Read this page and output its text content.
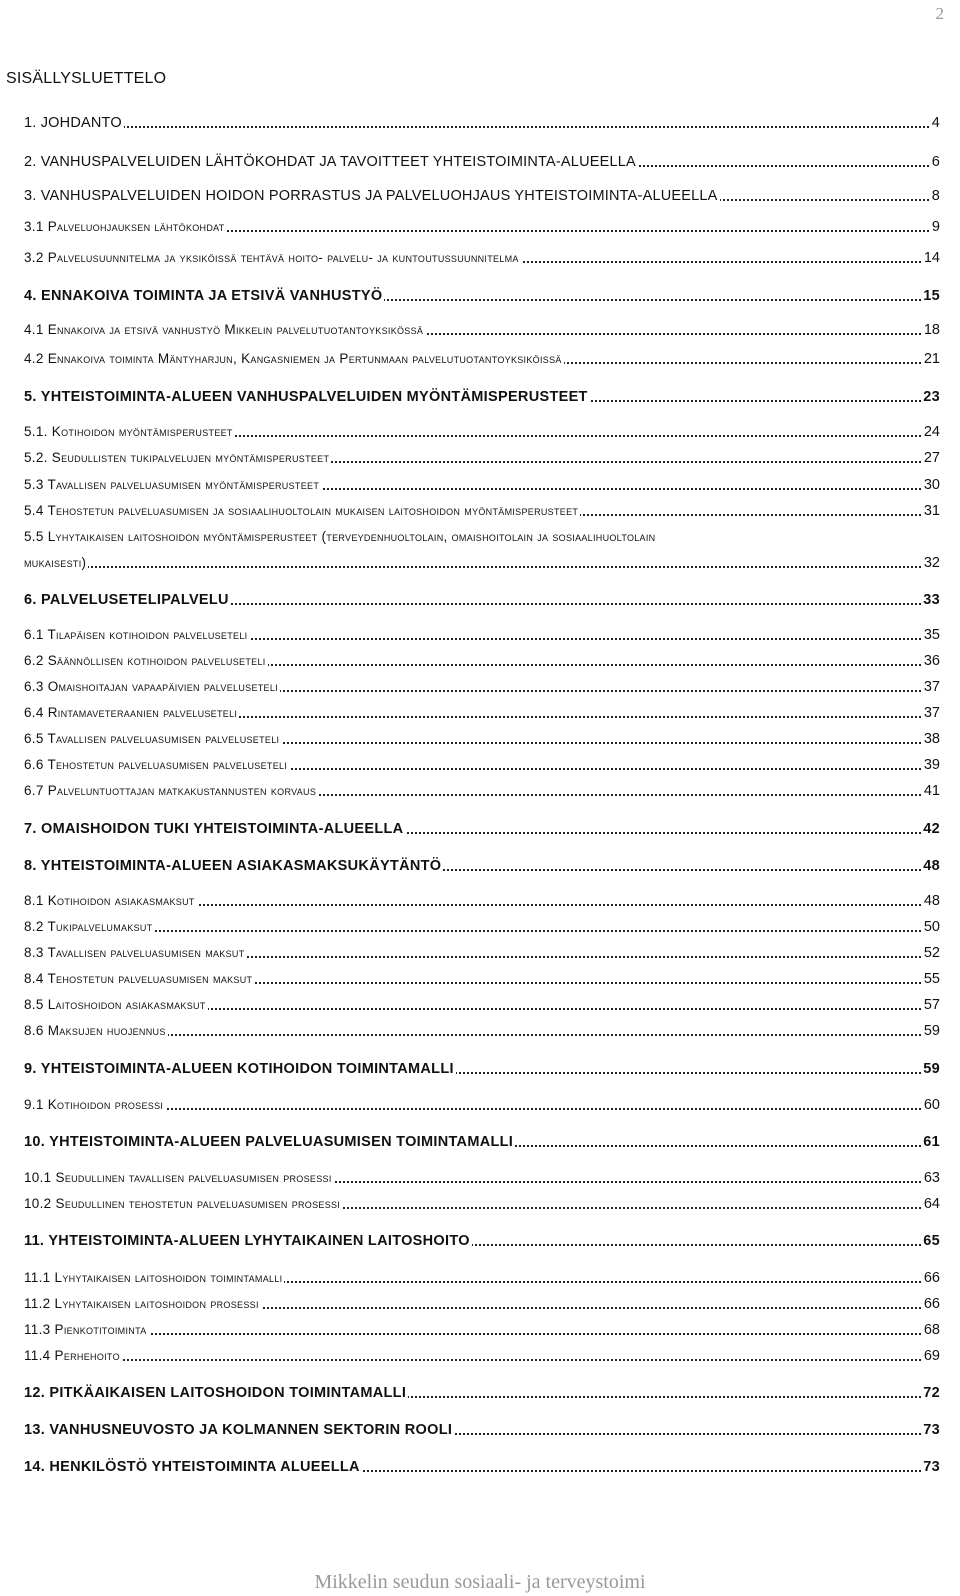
2
SISÄLLYSLUETTELO
1. JOHDANTO	4
2. VANHUSPALVELUIDEN LÄHTÖKOHDAT JA TAVOITTEET YHTEISTOIMINTA-ALUEELLA	6
3. VANHUSPALVELUIDEN HOIDON PORRASTUS JA PALVELUOHJAUS YHTEISTOIMINTA-ALUEELLA	8
3.1 Palveluohjauksen lähtökohdat	9
3.2 Palvelusuunnitelma ja yksiköissä tehtävä hoito- palvelu- ja kuntoutussuunnitelma	14
4. ENNAKOIVA TOIMINTA JA ETSIVÄ VANHUSTYÖ	15
4.1 Ennakoiva ja etsivä vanhustyö Mikkelin palvelutuotantoyksikössä	18
4.2 Ennakoiva toiminta Mäntyharjun, Kangasniemen ja Pertunmaan palvelutuotantoyksiköissä	21
5. YHTEISTOIMINTA-ALUEEN VANHUSPALVELUIDEN MYÖNTÄMISPERUSTEET	23
5.1. Kotihoidon myöntämisperusteet	24
5.2. Seudullisten tukipalvelujen myöntämisperusteet	27
5.3 Tavallisen palveluasumisen myöntämisperusteet	30
5.4 Tehostetun palveluasumisen ja sosiaalihuoltolain mukaisen laitoshoidon myöntämisperusteet	31
5.5 Lyhytaikaisen laitoshoidon myöntämisperusteet (terveydenhuoltolain, omaishoitolain ja sosiaalihuoltolain
mukaisesti)	32
6. PALVELUSETELIPALVELU	33
6.1 Tilapäisen kotihoidon palveluseteli	35
6.2 Säännöllisen kotihoidon palveluseteli	36
6.3 Omaishoitajan vapaapäivien palveluseteli	37
6.4 Rintamaveteraanien palveluseteli	37
6.5 Tavallisen palveluasumisen palveluseteli	38
6.6 Tehostetun palveluasumisen palveluseteli	39
6.7 Palveluntuottajan matkakustannusten korvaus	41
7. OMAISHOIDON TUKI YHTEISTOIMINTA-ALUEELLA	42
8. YHTEISTOIMINTA-ALUEEN ASIAKASMAKSUKÄYTÄNTÖ	48
8.1 Kotihoidon asiakasmaksut	48
8.2 Tukipalvelumaksut	50
8.3 Tavallisen palveluasumisen maksut	52
8.4 Tehostetun palveluasumisen maksut	55
8.5 Laitoshoidon asiakasmaksut	57
8.6 Maksujen huojennus	59
9. YHTEISTOIMINTA-ALUEEN KOTIHOIDON TOIMINTAMALLI	59
9.1 Kotihoidon prosessi	60
10. YHTEISTOIMINTA-ALUEEN PALVELUASUMISEN TOIMINTAMALLI	61
10.1 Seudullinen tavallisen palveluasumisen prosessi	63
10.2 Seudullinen tehostetun palveluasumisen prosessi	64
11. YHTEISTOIMINTA-ALUEEN LYHYTAIKAINEN LAITOSHOITO	65
11.1 Lyhytaikaisen laitoshoidon toimintamalli	66
11.2 Lyhytaikaisen laitoshoidon prosessi	66
11.3 Pienkotitoiminta	68
11.4 Perhehoito	69
12. PITKÄAIKAISEN LAITOSHOIDON TOIMINTAMALLI	72
13. VANHUSNEUVOSTO JA KOLMANNEN SEKTORIN ROOLI	73
14. HENKILÖSTÖ YHTEISTOIMINTA ALUEELLA	73
Mikkelin seudun sosiaali- ja terveystoimi
